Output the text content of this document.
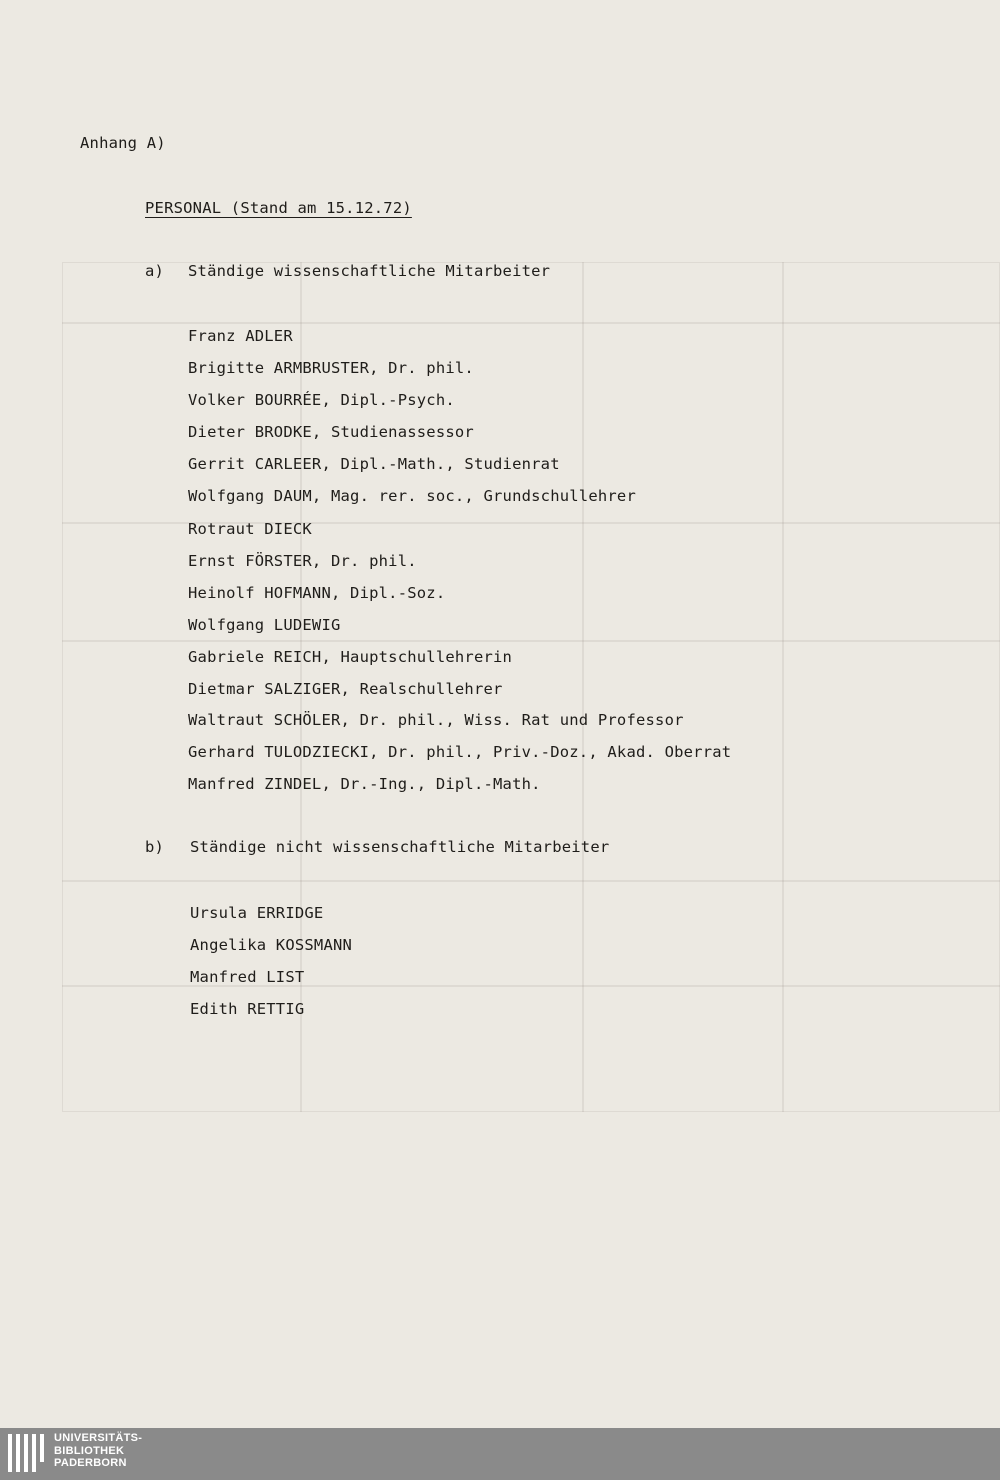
Anhang A)
PERSONAL (Stand am 15.12.72)
a) Ständige wissenschaftliche Mitarbeiter
Franz ADLER
Brigitte ARMBRUSTER, Dr. phil.
Volker BOURRÉE, Dipl.-Psych.
Dieter BRODKE, Studienassessor
Gerrit CARLEER, Dipl.-Math., Studienrat
Wolfgang DAUM, Mag. rer. soc., Grundschullehrer
Rotraut DIECK
Ernst FÖRSTER, Dr. phil.
Heinolf HOFMANN, Dipl.-Soz.
Wolfgang LUDEWIG
Gabriele REICH, Hauptschullehrerin
Dietmar SALZIGER, Realschullehrer
Waltraut SCHÖLER, Dr. phil., Wiss. Rat und Professor
Gerhard TULODZIECKI, Dr. phil., Priv.-Doz., Akad. Oberrat
Manfred ZINDEL, Dr.-Ing., Dipl.-Math.
b) Ständige nicht wissenschaftliche Mitarbeiter
Ursula ERRIDGE
Angelika KOSSMANN
Manfred LIST
Edith RETTIG
UNIVERSITÄTS-
BIBLIOTHEK
PADERBORN
